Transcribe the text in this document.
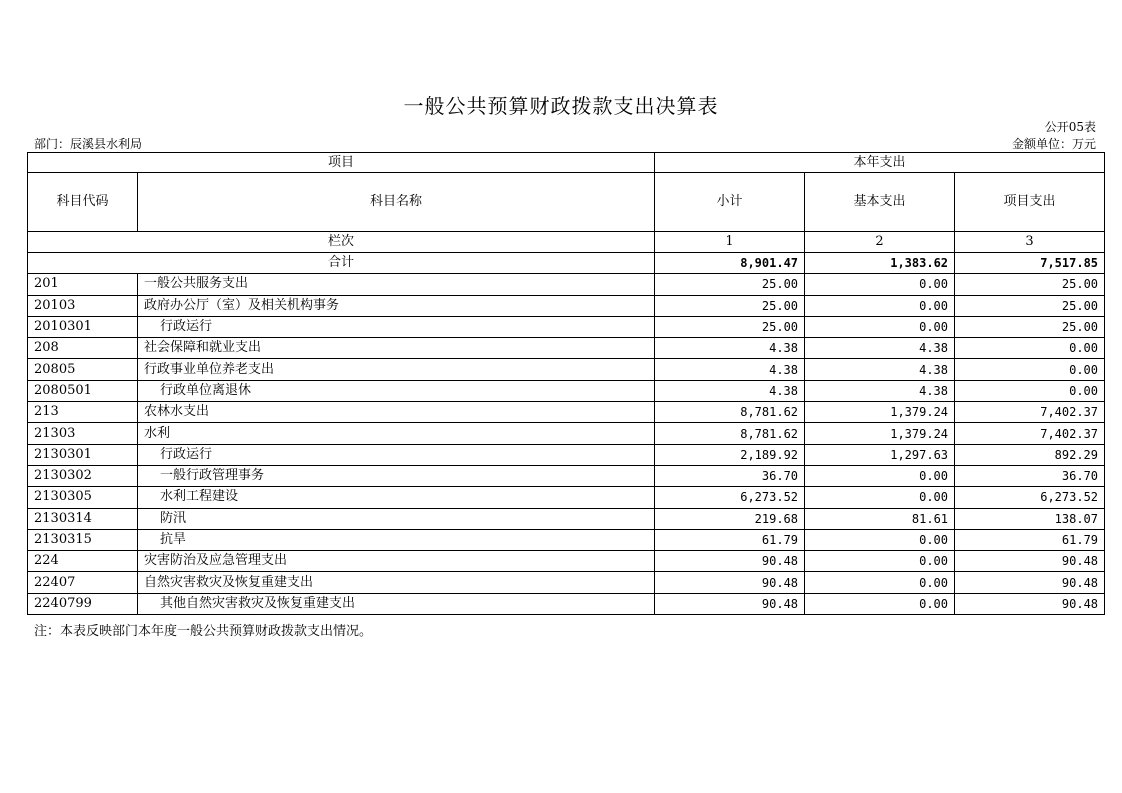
一般公共预算财政拨款支出决算表
公开05表
部门：辰溪县水利局	金额单位：万元
项目		本年支出		
科目代码	科目名称	小计	基本支出	项目支出
栏次		1	2	3
合计		8,901.47	1,383.62	7,517.85
201	一般公共服务支出	25.00	0.00	25.00
20103	政府办公厅（室）及相关机构事务	25.00	0.00	25.00
2010301	行政运行	25.00	0.00	25.00
208	社会保障和就业支出	4.38	4.38	0.00
20805	行政事业单位养老支出	4.38	4.38	0.00
2080501	行政单位离退休	4.38	4.38	0.00
213	农林水支出	8,781.62	1,379.24	7,402.37
21303	水利	8,781.62	1,379.24	7,402.37
2130301	行政运行	2,189.92	1,297.63	892.29
2130302	一般行政管理事务	36.70	0.00	36.70
2130305	水利工程建设	6,273.52	0.00	6,273.52
2130314	防汛	219.68	81.61	138.07
2130315	抗旱	61.79	0.00	61.79
224	灾害防治及应急管理支出	90.48	0.00	90.48
22407	自然灾害救灾及恢复重建支出	90.48	0.00	90.48
2240799	其他自然灾害救灾及恢复重建支出	90.48	0.00	90.48
注：本表反映部门本年度一般公共预算财政拨款支出情况。
